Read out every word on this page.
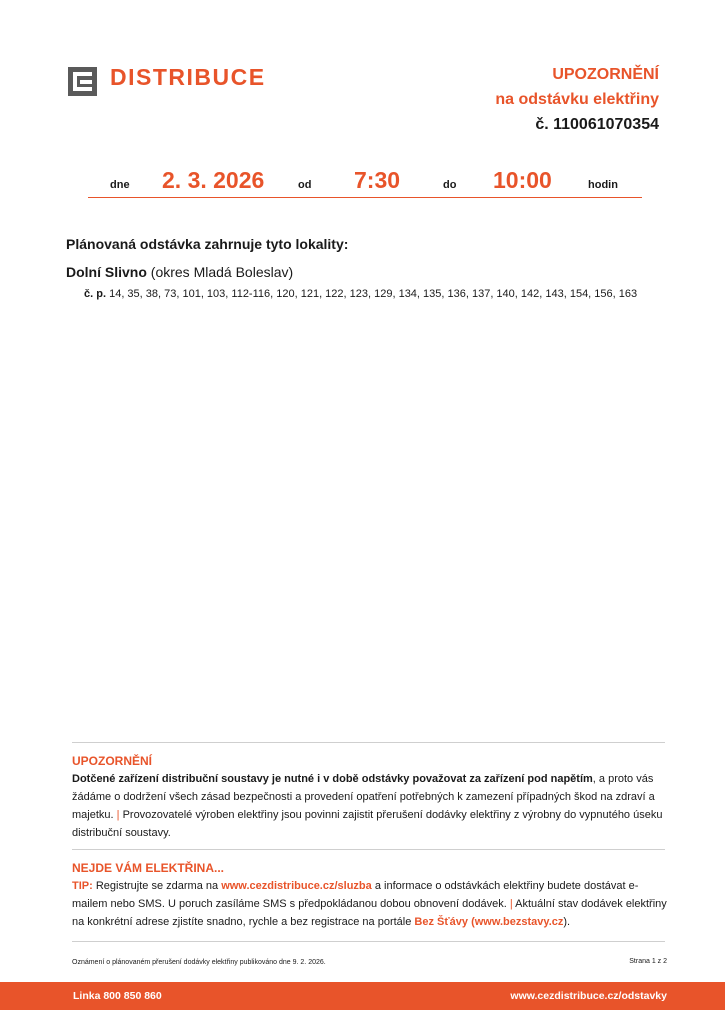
DISTRIBUCE	UPOZORNĚNÍ
na odstávku elektřiny
č. 110061070354
dne 2. 3. 2026	od 7:30	do 10:00	hodin
Plánovaná odstávka zahrnuje tyto lokality:
Dolní Slivno (okres Mladá Boleslav)
č. p. 14, 35, 38, 73, 101, 103, 112-116, 120, 121, 122, 123, 129, 134, 135, 136, 137, 140, 142, 143, 154, 156, 163
UPOZORNĚNÍ
Dotčené zařízení distribuční soustavy je nutné i v době odstávky považovat za zařízení pod napětím, a proto vás žádáme o dodržení všech zásad bezpečnosti a provedení opatření potřebných k zamezení případných škod na zdraví a majetku. | Provozovatelé výroben elektřiny jsou povinni zajistit přerušení dodávky elektřiny z výrobny do vypnutého úseku distribuční soustavy.
NEJDE VÁM ELEKTŘINA...
TIP: Registrujte se zdarma na www.cezdistribuce.cz/sluzba a informace o odstávkách elektřiny budete dostávat e-mailem nebo SMS. U poruch zasíláme SMS s předpokládanou dobou obnovení dodávek. | Aktuální stav dodávek elektřiny na konkrétní adrese zjistíte snadno, rychle a bez registrace na portále Bez Šťávy (www.bezstavy.cz).
Oznámení o plánovaném přerušení dodávky elektřiny publikováno dne 9. 2. 2026.	Strana 1 z 2
Linka 800 850 860	www.cezdistribuce.cz/odstavky
